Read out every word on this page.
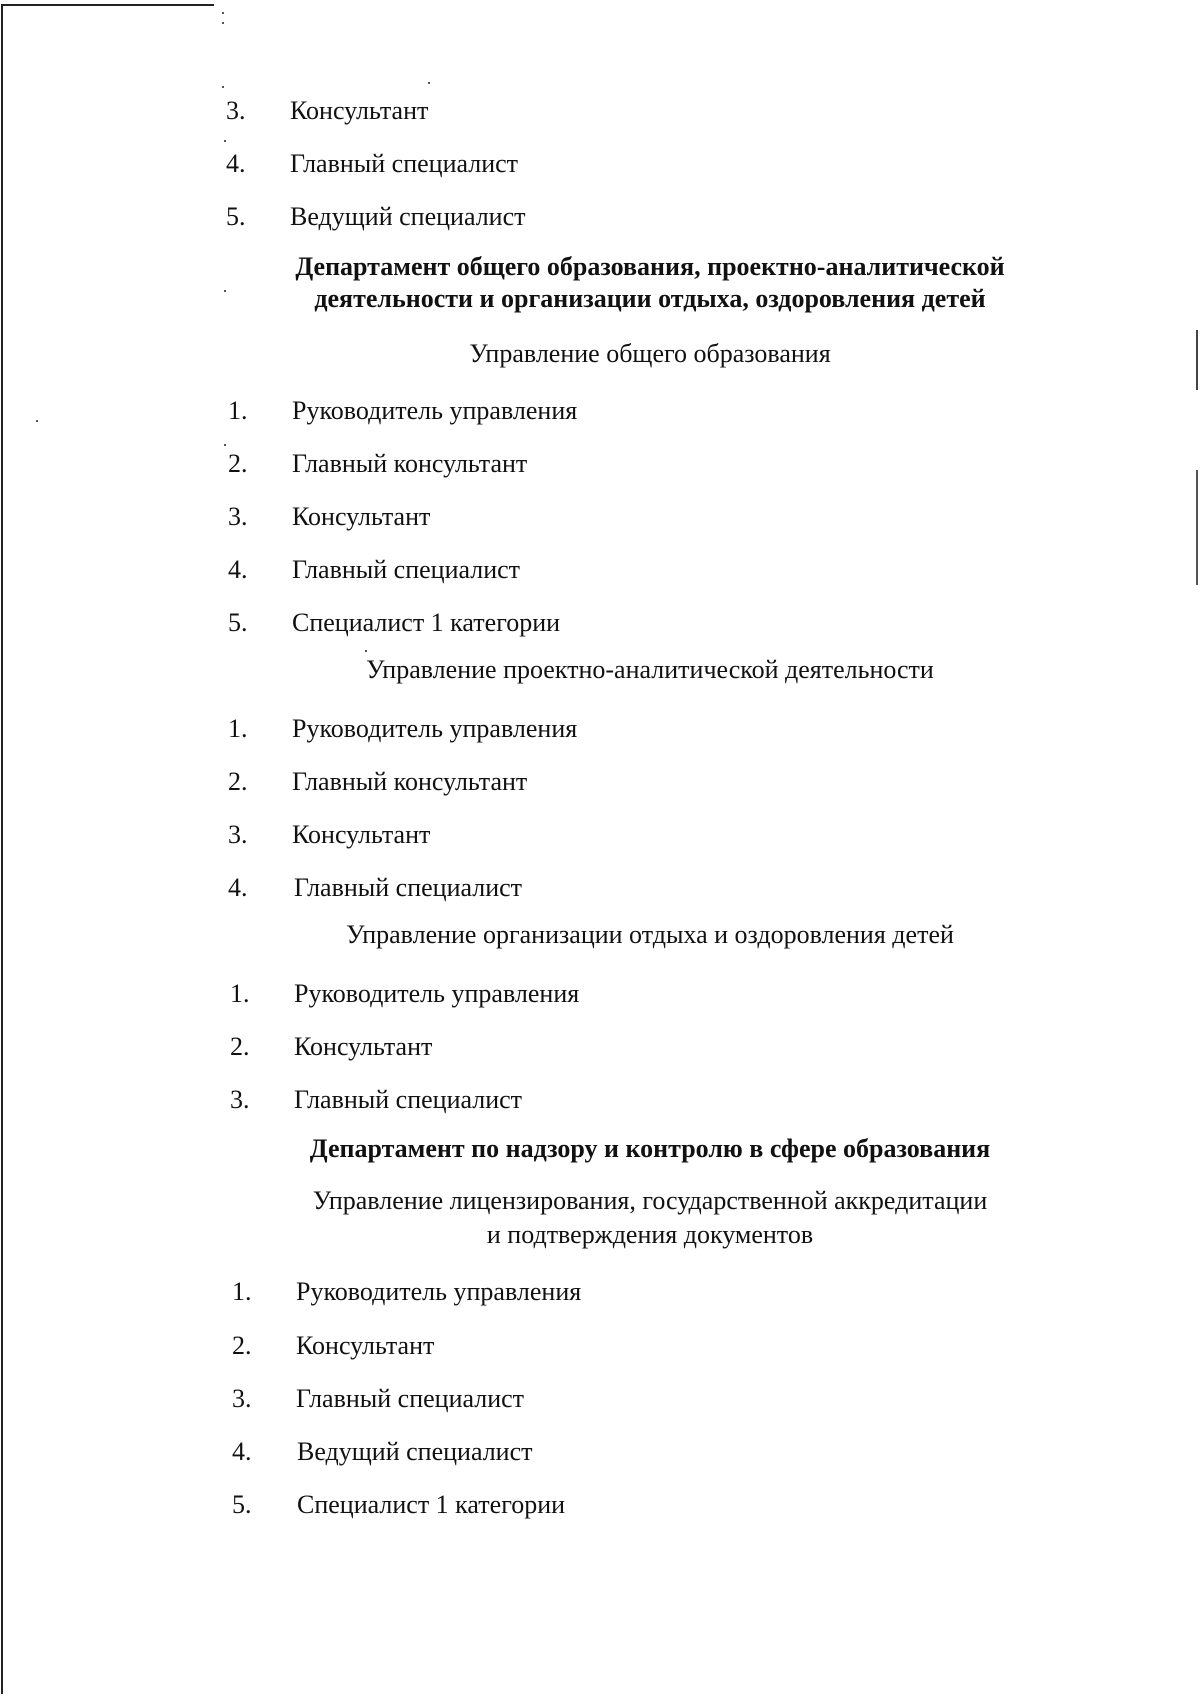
3. Консультант
4. Главный специалист
5. Ведущий специалист
Департамент общего образования, проектно-аналитической
деятельности и организации отдыха, оздоровления детей
Управление общего образования
1. Руководитель управления
2. Главный консультант
3. Консультант
4. Главный специалист
5. Специалист 1 категории
Управление проектно-аналитической деятельности
1. Руководитель управления
2. Главный консультант
3. Консультант
4. Главный специалист
Управление организации отдыха и оздоровления детей
1. Руководитель управления
2. Консультант
3. Главный специалист
Департамент по надзору и контролю в сфере образования
Управление лицензирования, государственной аккредитации
и подтверждения документов
1. Руководитель управления
2. Консультант
3. Главный специалист
4. Ведущий специалист
5. Специалист 1 категории
